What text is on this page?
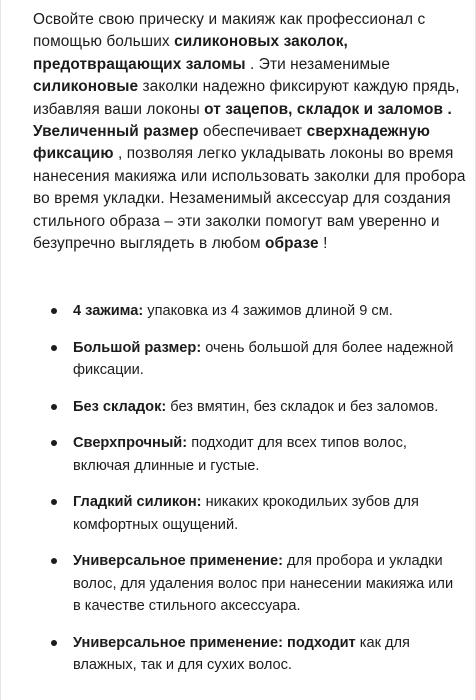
Освойте свою прическу и макияж как профессионал с помощью больших силиконовых заколок, предотвращающих заломы . Эти незаменимые силиконовые заколки надежно фиксируют каждую прядь, избавляя ваши локоны от зацепов, складок и заломов . Увеличенный размер обеспечивает сверхнадежную фиксацию , позволяя легко укладывать локоны во время нанесения макияжа или использовать заколки для пробора во время укладки. Незаменимый аксессуар для создания стильного образа – эти заколки помогут вам уверенно и безупречно выглядеть в любом образе !
4 зажима: упаковка из 4 зажимов длиной 9 см.
Большой размер: очень большой для более надежной фиксации.
Без складок: без вмятин, без складок и без заломов.
Сверхпрочный: подходит для всех типов волос, включая длинные и густые.
Гладкий силикон: никаких крокодильих зубов для комфортных ощущений.
Универсальное применение: для пробора и укладки волос, для удаления волос при нанесении макияжа или в качестве стильного аксессуара.
Универсальное применение: подходит как для влажных, так и для сухих волос.
